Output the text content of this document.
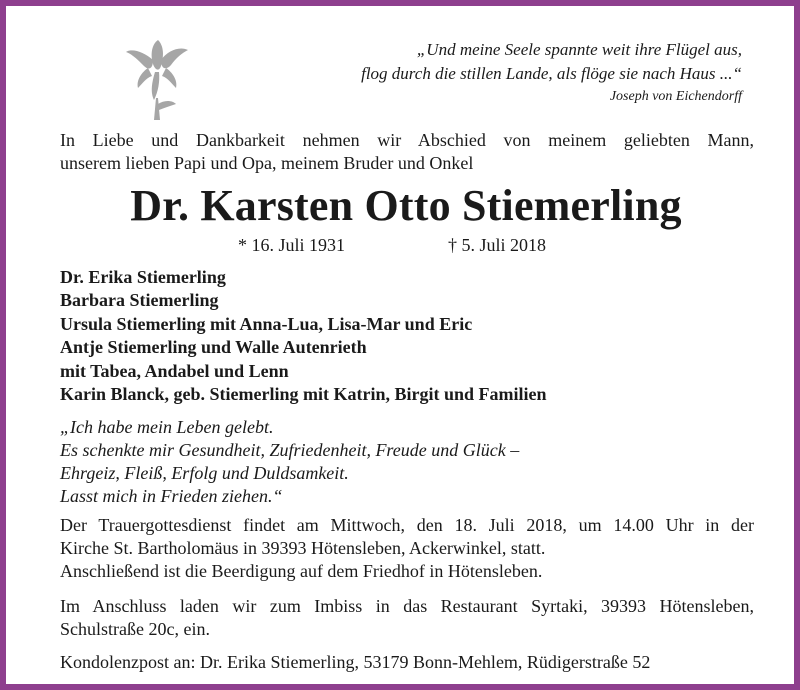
„Und meine Seele spannte weit ihre Flügel aus,
flog durch die stillen Lande, als flöge sie nach Haus ...“
Joseph von Eichendorff
In Liebe und Dankbarkeit nehmen wir Abschied von meinem geliebten Mann,
unserem lieben Papi und Opa, meinem Bruder und Onkel
Dr. Karsten Otto Stiemerling
* 16. Juli 1931	† 5. Juli 2018
Dr. Erika Stiemerling
Barbara Stiemerling
Ursula Stiemerling mit Anna-Lua, Lisa-Mar und Eric
Antje Stiemerling und Walle Autenrieth
mit Tabea, Andabel und Lenn
Karin Blanck, geb. Stiemerling mit Katrin, Birgit und Familien
„Ich habe mein Leben gelebt.
Es schenkte mir Gesundheit, Zufriedenheit, Freude und Glück –
Ehrgeiz, Fleiß, Erfolg und Duldsamkeit.
Lasst mich in Frieden ziehen.“
Der Trauergottesdienst findet am Mittwoch, den 18. Juli 2018, um 14.00 Uhr in der
Kirche St. Bartholomäus in 39393 Hötensleben, Ackerwinkel, statt.
Anschließend ist die Beerdigung auf dem Friedhof in Hötensleben.
Im Anschluss laden wir zum Imbiss in das Restaurant Syrtaki, 39393 Hötensleben,
Schulstraße 20c, ein.
Kondolenzpost an: Dr. Erika Stiemerling, 53179 Bonn-Mehlem, Rüdigerstraße 52
